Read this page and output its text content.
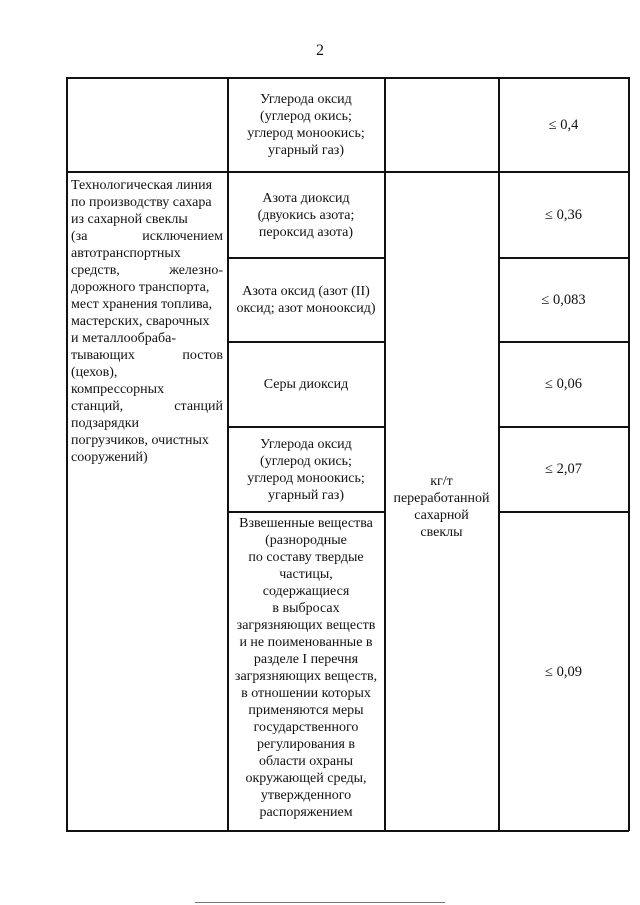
2
Углерода оксид
(углерод окись;
углерод моноокись;
угарный газ)
Азота диоксид
(двуокись азота;
пероксид азота)
Азота оксид (азот (II)
оксид; азот монооксид)
Серы диоксид
Углерода оксид
(углерод окись;
углерод моноокись;
угарный газ)
Взвешенные вещества
(разнородные
по составу твердые
частицы,
содержащиеся
в выбросах
загрязняющих веществ
и не поименованные в
разделе I перечня
загрязняющих веществ,
в отношении которых
применяются меры
государственного
регулирования в
области охраны
окружающей среды,
утвержденного
распоряжением
≤ 0,4
≤ 0,36
≤ 0,083
≤ 0,06
≤ 2,07
≤ 0,09
кг/т
переработанной
сахарной
свеклы
Технологическая линия
по производству сахара
из сахарной свеклы
(за исключением
автотранспортных
средств, железно-
дорожного транспорта,
мест хранения топлива,
мастерских, сварочных
и металлообраба-
тывающих постов
(цехов),
компрессорных
станций, станций
подзарядки
погрузчиков, очистных
сооружений)
